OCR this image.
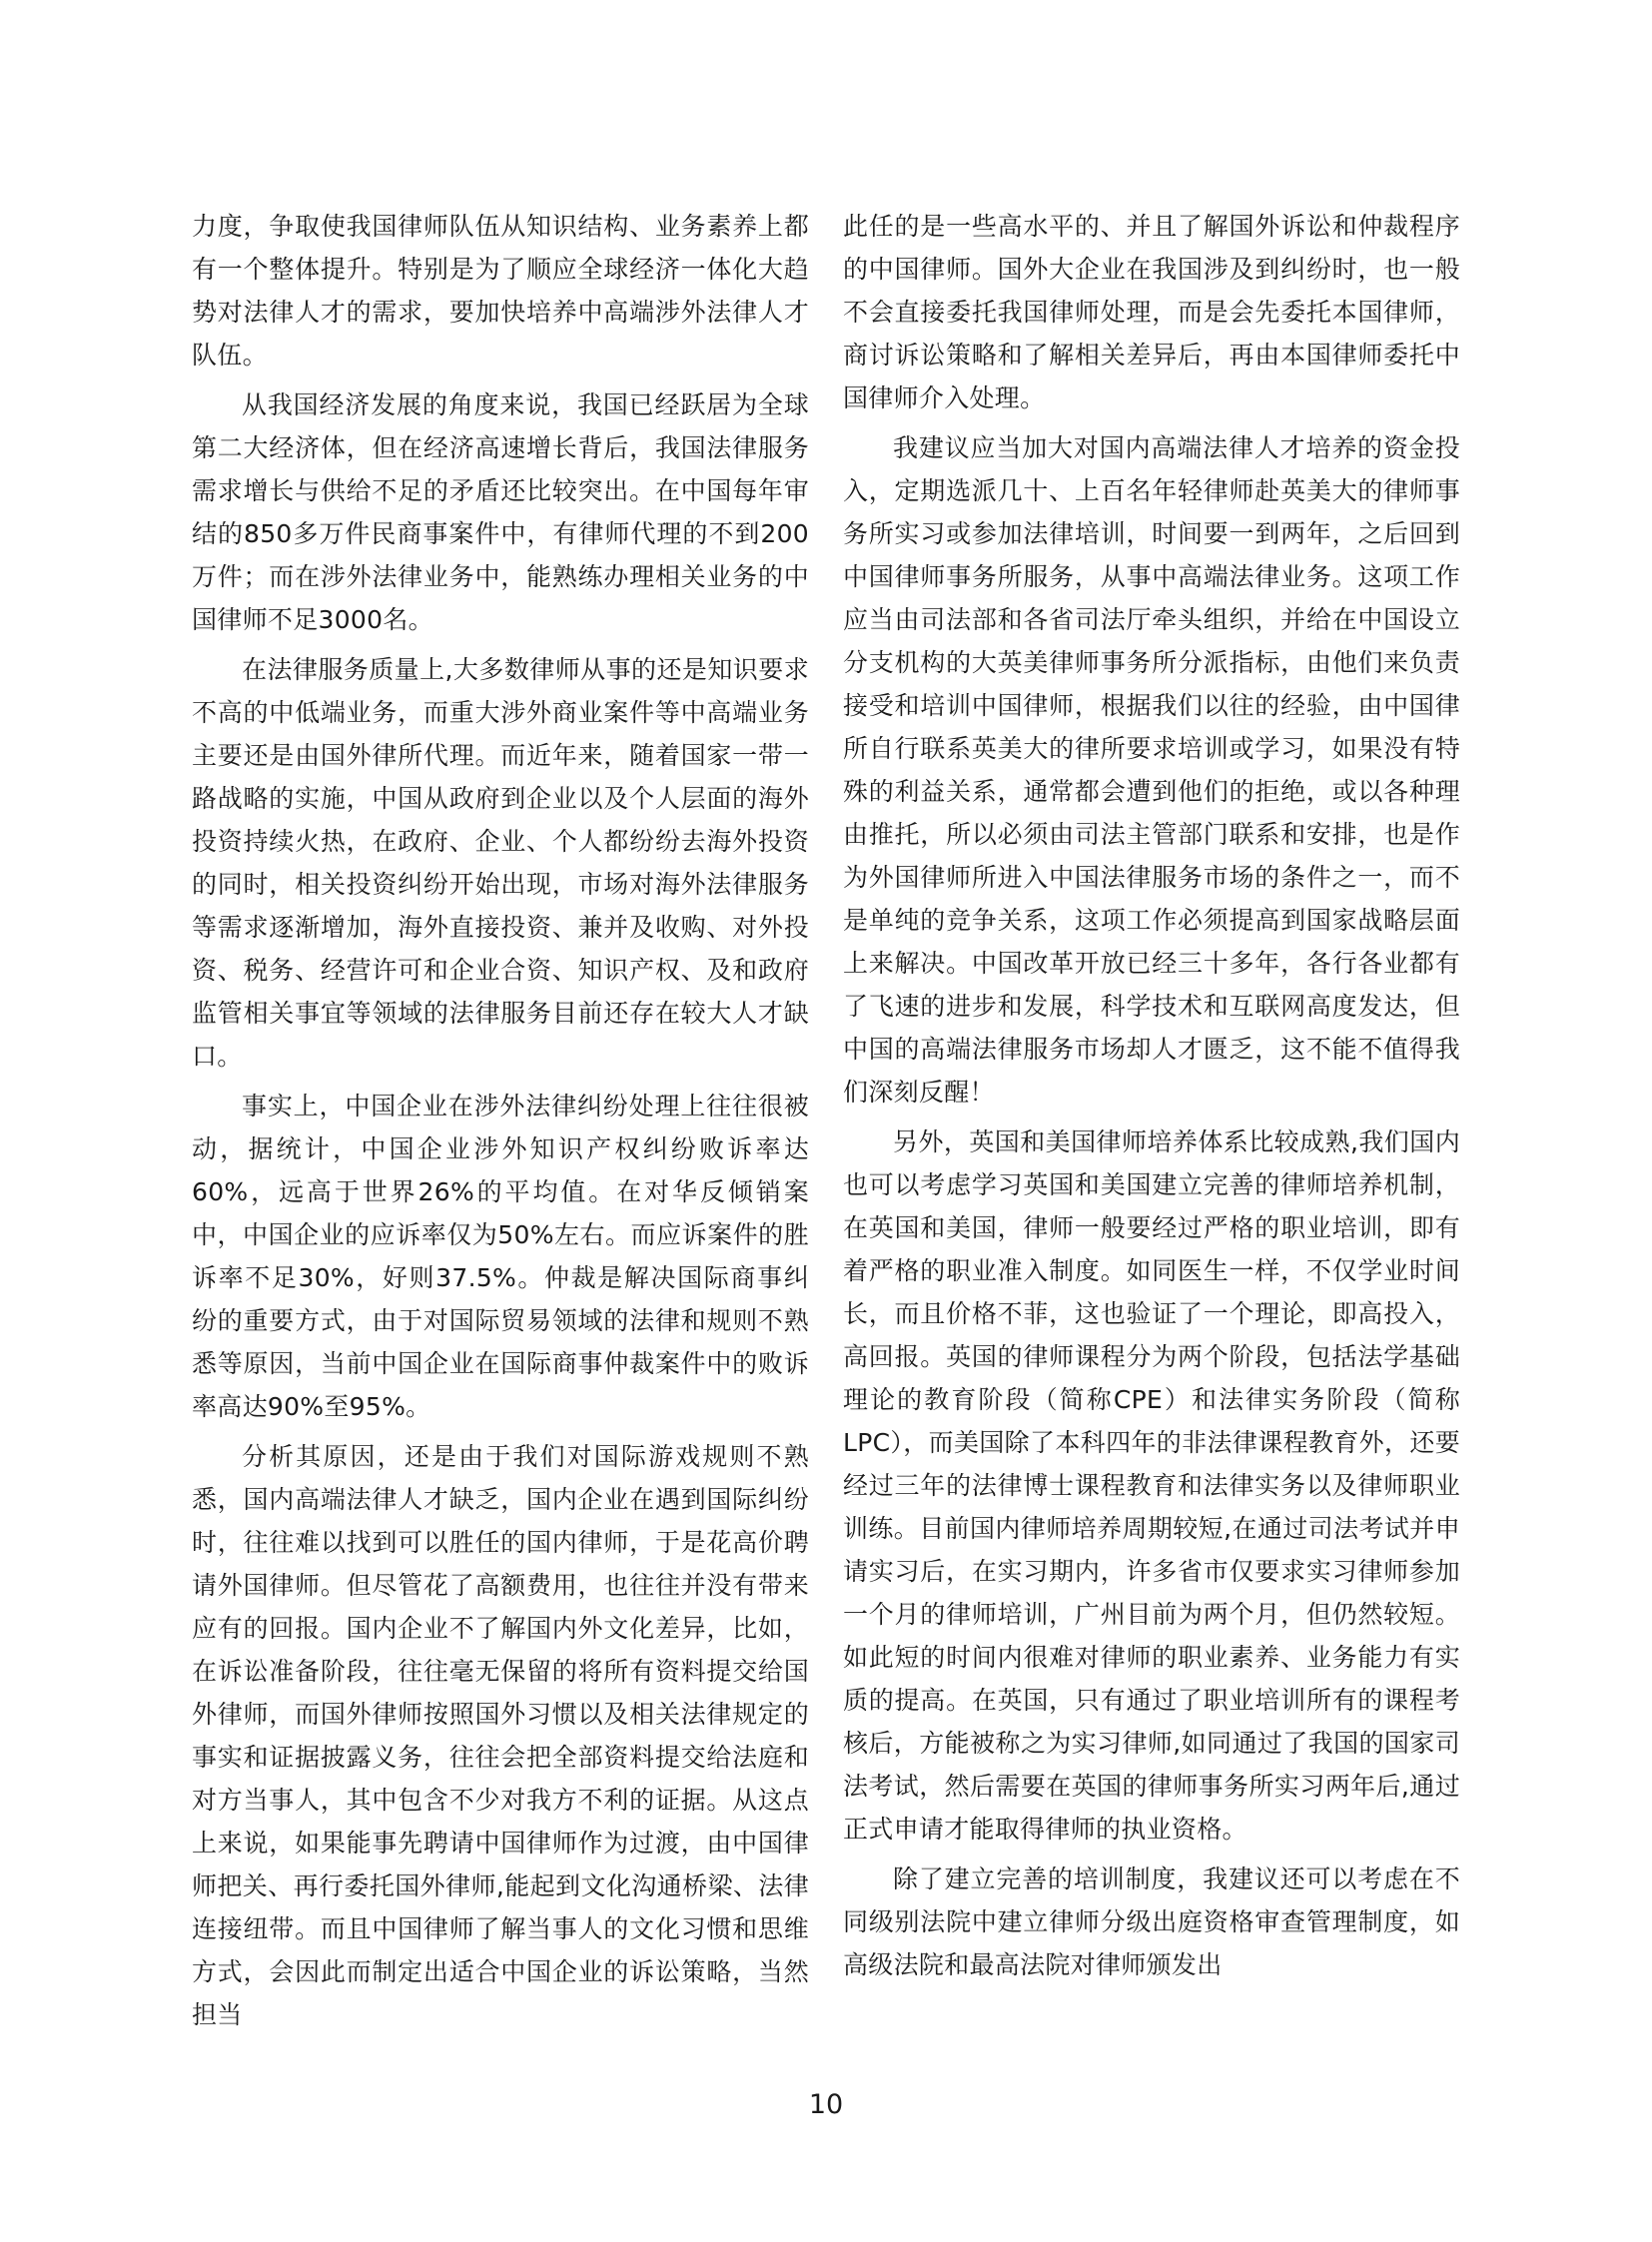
力度，争取使我国律师队伍从知识结构、业务素养上都有一个整体提升。特别是为了顺应全球经济一体化大趋势对法律人才的需求，要加快培养中高端涉外法律人才队伍。

从我国经济发展的角度来说，我国已经跃居为全球第二大经济体，但在经济高速增长背后，我国法律服务需求增长与供给不足的矛盾还比较突出。在中国每年审结的850多万件民商事案件中，有律师代理的不到200万件；而在涉外法律业务中，能熟练办理相关业务的中国律师不足3000名。

在法律服务质量上,大多数律师从事的还是知识要求不高的中低端业务，而重大涉外商业案件等中高端业务主要还是由国外律所代理。而近年来，随着国家一带一路战略的实施，中国从政府到企业以及个人层面的海外投资持续火热，在政府、企业、个人都纷纷去海外投资的同时，相关投资纠纷开始出现，市场对海外法律服务等需求逐渐增加，海外直接投资、兼并及收购、对外投资、税务、经营许可和企业合资、知识产权、及和政府监管相关事宜等领域的法律服务目前还存在较大人才缺口。

事实上，中国企业在涉外法律纠纷处理上往往很被动，据统计，中国企业涉外知识产权纠纷败诉率达60%，远高于世界26%的平均值。在对华反倾销案中，中国企业的应诉率仅为50%左右。而应诉案件的胜诉率不足30%，好则37.5%。仲裁是解决国际商事纠纷的重要方式，由于对国际贸易领域的法律和规则不熟悉等原因，当前中国企业在国际商事仲裁案件中的败诉率高达90%至95%。

分析其原因，还是由于我们对国际游戏规则不熟悉，国内高端法律人才缺乏，国内企业在遇到国际纠纷时，往往难以找到可以胜任的国内律师，于是花高价聘请外国律师。但尽管花了高额费用，也往往并没有带来应有的回报。国内企业不了解国内外文化差异，比如，在诉讼准备阶段，往往毫无保留的将所有资料提交给国外律师，而国外律师按照国外习惯以及相关法律规定的事实和证据披露义务，往往会把全部资料提交给法庭和对方当事人，其中包含不少对我方不利的证据。从这点上来说，如果能事先聘请中国律师作为过渡，由中国律师把关、再行委托国外律师,能起到文化沟通桥梁、法律连接纽带。而且中国律师了解当事人的文化习惯和思维方式，会因此而制定出适合中国企业的诉讼策略，当然担当

此任的是一些高水平的、并且了解国外诉讼和仲裁程序的中国律师。国外大企业在我国涉及到纠纷时，也一般不会直接委托我国律师处理，而是会先委托本国律师，商讨诉讼策略和了解相关差异后，再由本国律师委托中国律师介入处理。

我建议应当加大对国内高端法律人才培养的资金投入，定期选派几十、上百名年轻律师赴英美大的律师事务所实习或参加法律培训，时间要一到两年，之后回到中国律师事务所服务，从事中高端法律业务。这项工作应当由司法部和各省司法厅牵头组织，并给在中国设立分支机构的大英美律师事务所分派指标，由他们来负责接受和培训中国律师，根据我们以往的经验，由中国律所自行联系英美大的律所要求培训或学习，如果没有特殊的利益关系，通常都会遭到他们的拒绝，或以各种理由推托，所以必须由司法主管部门联系和安排，也是作为外国律师所进入中国法律服务市场的条件之一，而不是单纯的竞争关系，这项工作必须提高到国家战略层面上来解决。中国改革开放已经三十多年，各行各业都有了飞速的进步和发展，科学技术和互联网高度发达，但中国的高端法律服务市场却人才匮乏，这不能不值得我们深刻反醒！

另外，英国和美国律师培养体系比较成熟,我们国内也可以考虑学习英国和美国建立完善的律师培养机制，在英国和美国，律师一般要经过严格的职业培训，即有着严格的职业准入制度。如同医生一样，不仅学业时间长，而且价格不菲，这也验证了一个理论，即高投入，高回报。英国的律师课程分为两个阶段，包括法学基础理论的教育阶段（简称CPE）和法律实务阶段（简称LPC），而美国除了本科四年的非法律课程教育外，还要经过三年的法律博士课程教育和法律实务以及律师职业训练。目前国内律师培养周期较短,在通过司法考试并申请实习后，在实习期内，许多省市仅要求实习律师参加一个月的律师培训，广州目前为两个月，但仍然较短。如此短的时间内很难对律师的职业素养、业务能力有实质的提高。在英国，只有通过了职业培训所有的课程考核后，方能被称之为实习律师,如同通过了我国的国家司法考试，然后需要在英国的律师事务所实习两年后,通过正式申请才能取得律师的执业资格。

除了建立完善的培训制度，我建议还可以考虑在不同级别法院中建立律师分级出庭资格审查管理制度，如高级法院和最高法院对律师颁发出

10
